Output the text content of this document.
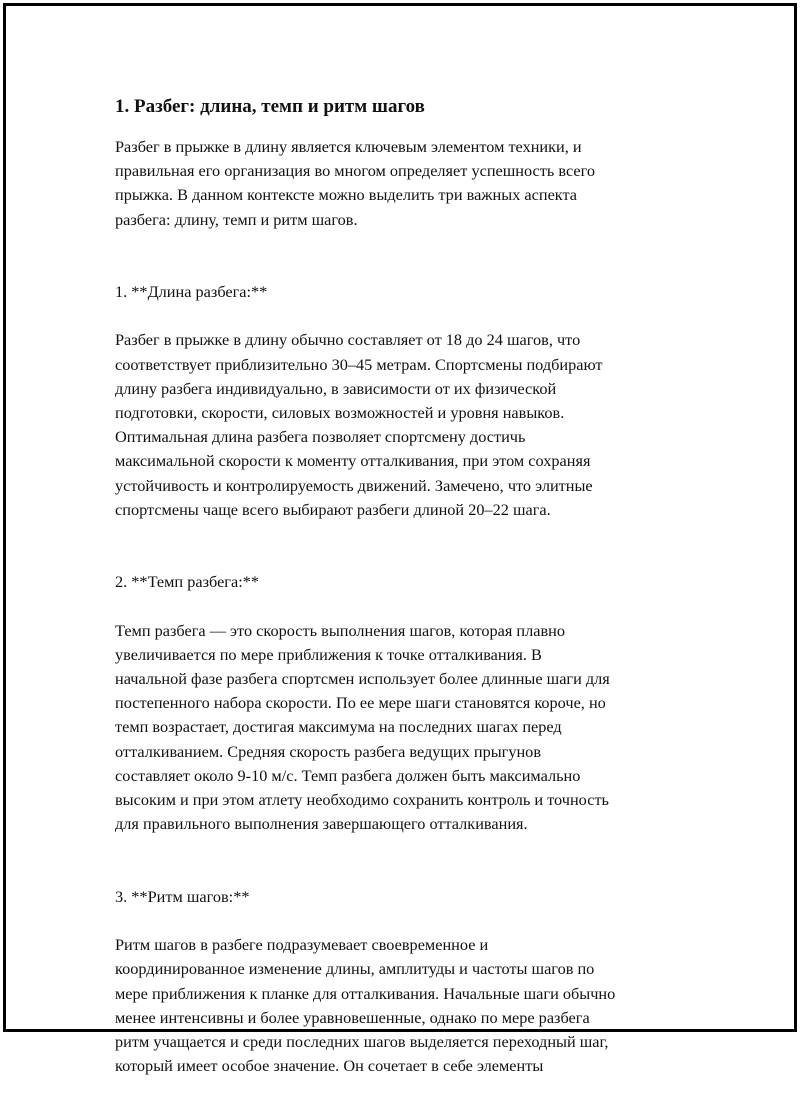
1. Разбег: длина, темп и ритм шагов
Разбег в прыжке в длину является ключевым элементом техники, и
правильная его организация во многом определяет успешность всего
прыжка. В данном контексте можно выделить три важных аспекта
разбега: длину, темп и ритм шагов.

1. **Длина разбега:**

Разбег в прыжке в длину обычно составляет от 18 до 24 шагов, что
соответствует приблизительно 30–45 метрам. Спортсмены подбирают
длину разбега индивидуально, в зависимости от их физической
подготовки, скорости, силовых возможностей и уровня навыков.
Оптимальная длина разбега позволяет спортсмену достичь
максимальной скорости к моменту отталкивания, при этом сохраняя
устойчивость и контролируемость движений. Замечено, что элитные
спортсмены чаще всего выбирают разбеги длиной 20–22 шага.

2. **Темп разбега:**

Темп разбега — это скорость выполнения шагов, которая плавно
увеличивается по мере приближения к точке отталкивания. В
начальной фазе разбега спортсмен использует более длинные шаги для
постепенного набора скорости. По ее мере шаги становятся короче, но
темп возрастает, достигая максимума на последних шагах перед
отталкиванием. Средняя скорость разбега ведущих прыгунов
составляет около 9-10 м/с. Темп разбега должен быть максимально
высоким и при этом атлету необходимо сохранить контроль и точность
для правильного выполнения завершающего отталкивания.

3. **Ритм шагов:**

Ритм шагов в разбеге подразумевает своевременное и
координированное изменение длины, амплитуды и частоты шагов по
мере приближения к планке для отталкивания. Начальные шаги обычно
менее интенсивны и более уравновешенные, однако по мере разбега
ритм учащается и среди последних шагов выделяется переходный шаг,
который имеет особое значение. Он сочетает в себе элементы
